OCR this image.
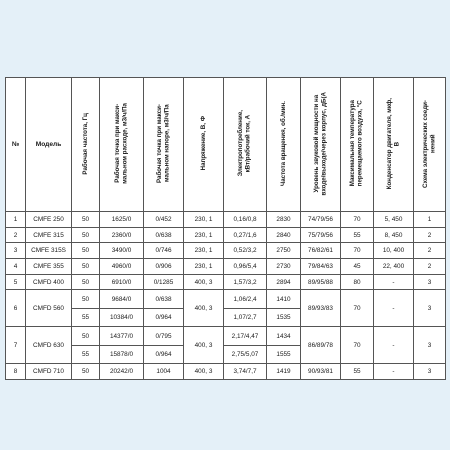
№	Модель	Рабочая частота, Гц	Рабочая точка при макси-
мальном расходе, м3/ч/Па	Рабочая точка при макси-
мальном напоре, м3/ч/Па	Напряжение, В, Ф	Электропотребление,
кВт/рабочий ток, А	Частота вращения, об./мин.	Уровень звуковой мощности на
входе/выходе/через корпус, дБ(А	Максимальная температура
перемещаемого воздуха, °С	Конденсатор двигателя, мкф,
В	Схема электрических соеди-
нений
1	CMFE 250	50	1625/0	0/452	230, 1	0,16/0,8	2830	74/79/56	70	5, 450	1
2	CMFE 315	50	2360/0	0/638	230, 1	0,27/1,6	2840	75/79/56	55	8, 450	2
3	CMFE 315S	50	3490/0	0/746	230, 1	0,52/3,2	2750	76/82/61	70	10, 400	2
4	CMFE 355	50	4960/0	0/906	230, 1	0,96/5,4	2730	79/84/63	45	22, 400	2
5	CMFD 400	50	6910/0	0/1285	400, 3	1,57/3,2	2894	89/95/88	80	-	3
6	CMFD 560	50	9684/0	0/638	400, 3	1,06/2,4	1410	89/93/83	70	-	3
		55	10384/0	0/964		1,07/2,7	1535				
7	CMFD 630	50	14377/0	0/795	400, 3	2,17/4,47	1434	86/89/78	70	-	3
		55	15878/0	0/964		2,75/5,07	1555				
8	CMFD 710	50	20242/0	1004	400, 3	3,74/7,7	1419	90/93/81	55	-	3
